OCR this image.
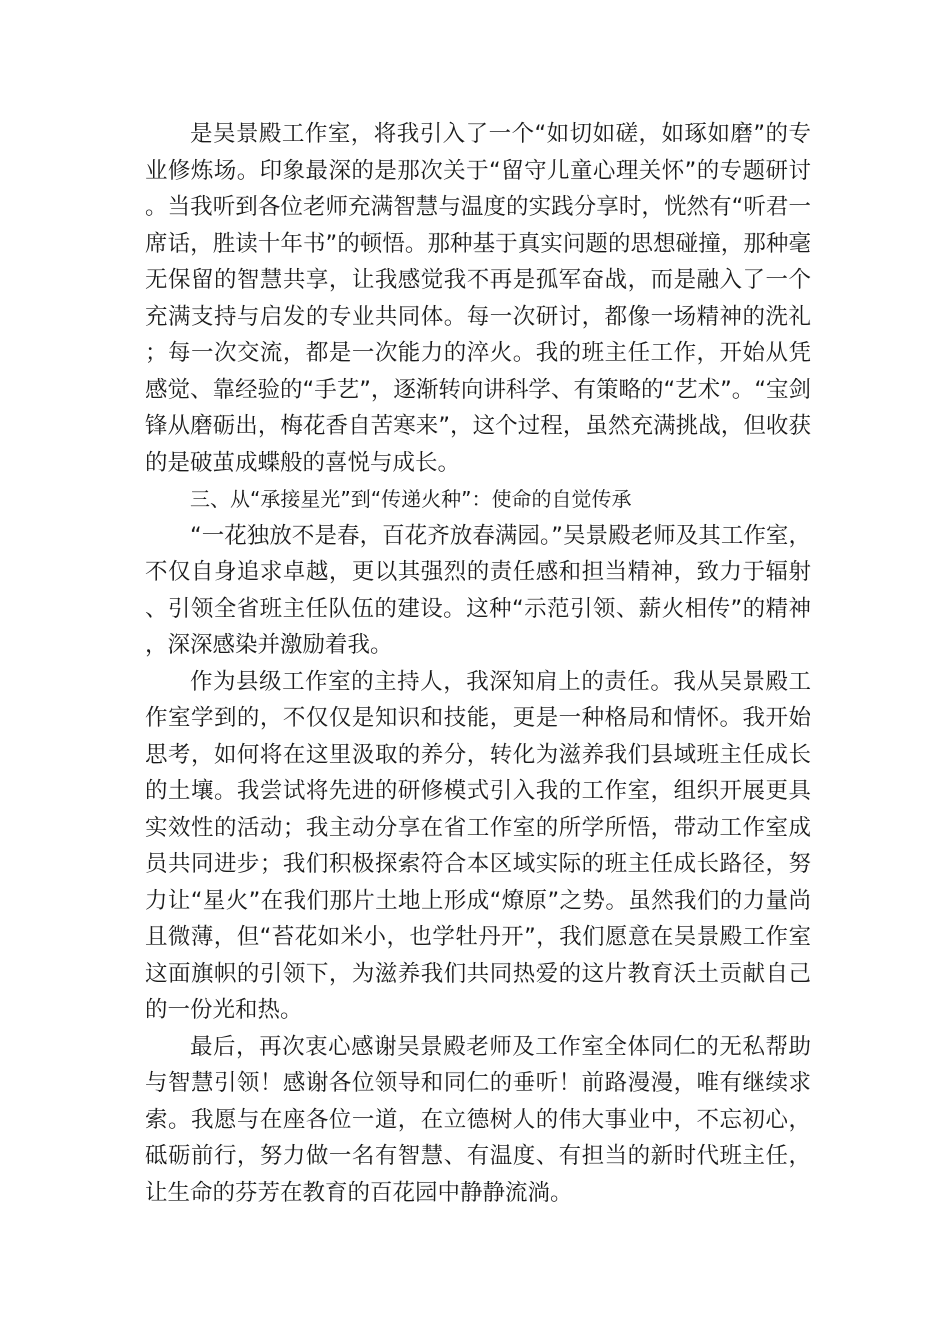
是吴景殿工作室，将我引入了一个“如切如磋，如琢如磨”的专业修炼场。印象最深的是那次关于“留守儿童心理关怀”的专题研讨。当我听到各位老师充满智慧与温度的实践分享时，恍然有“听君一席话，胜读十年书”的顿悟。那种基于真实问题的思想碰撞，那种毫无保留的智慧共享，让我感觉我不再是孤军奋战，而是融入了一个充满支持与启发的专业共同体。每一次研讨，都像一场精神的洗礼；每一次交流，都是一次能力的淬火。我的班主任工作，开始从凭感觉、靠经验的“手艺”，逐渐转向讲科学、有策略的“艺术”。“宝剑锋从磨砺出，梅花香自苦寒来”，这个过程，虽然充满挑战，但收获的是破茧成蝶般的喜悦与成长。

三、从“承接星光”到“传递火种”：使命的自觉传承

“一花独放不是春，百花齐放春满园。”吴景殿老师及其工作室，不仅自身追求卓越，更以其强烈的责任感和担当精神，致力于辐射、引领全省班主任队伍的建设。这种“示范引领、薪火相传”的精神，深深感染并激励着我。

作为县级工作室的主持人，我深知肩上的责任。我从吴景殿工作室学到的，不仅仅是知识和技能，更是一种格局和情怀。我开始思考，如何将在这里汲取的养分，转化为滋养我们县域班主任成长的土壤。我尝试将先进的研修模式引入我的工作室，组织开展更具实效性的活动；我主动分享在省工作室的所学所悟，带动工作室成员共同进步；我们积极探索符合本区域实际的班主任成长路径，努力让“星火”在我们那片土地上形成“燎原”之势。虽然我们的力量尚且微薄，但“苔花如米小，也学牡丹开”，我们愿意在吴景殿工作室这面旗帜的引领下，为滋养我们共同热爱的这片教育沃土贡献自己的一份光和热。

最后，再次衷心感谢吴景殿老师及工作室全体同仁的无私帮助与智慧引领！感谢各位领导和同仁的垂听！前路漫漫，唯有继续求索。我愿与在座各位一道，在立德树人的伟大事业中，不忘初心，砥砺前行，努力做一名有智慧、有温度、有担当的新时代班主任，让生命的芬芳在教育的百花园中静静流淌。
